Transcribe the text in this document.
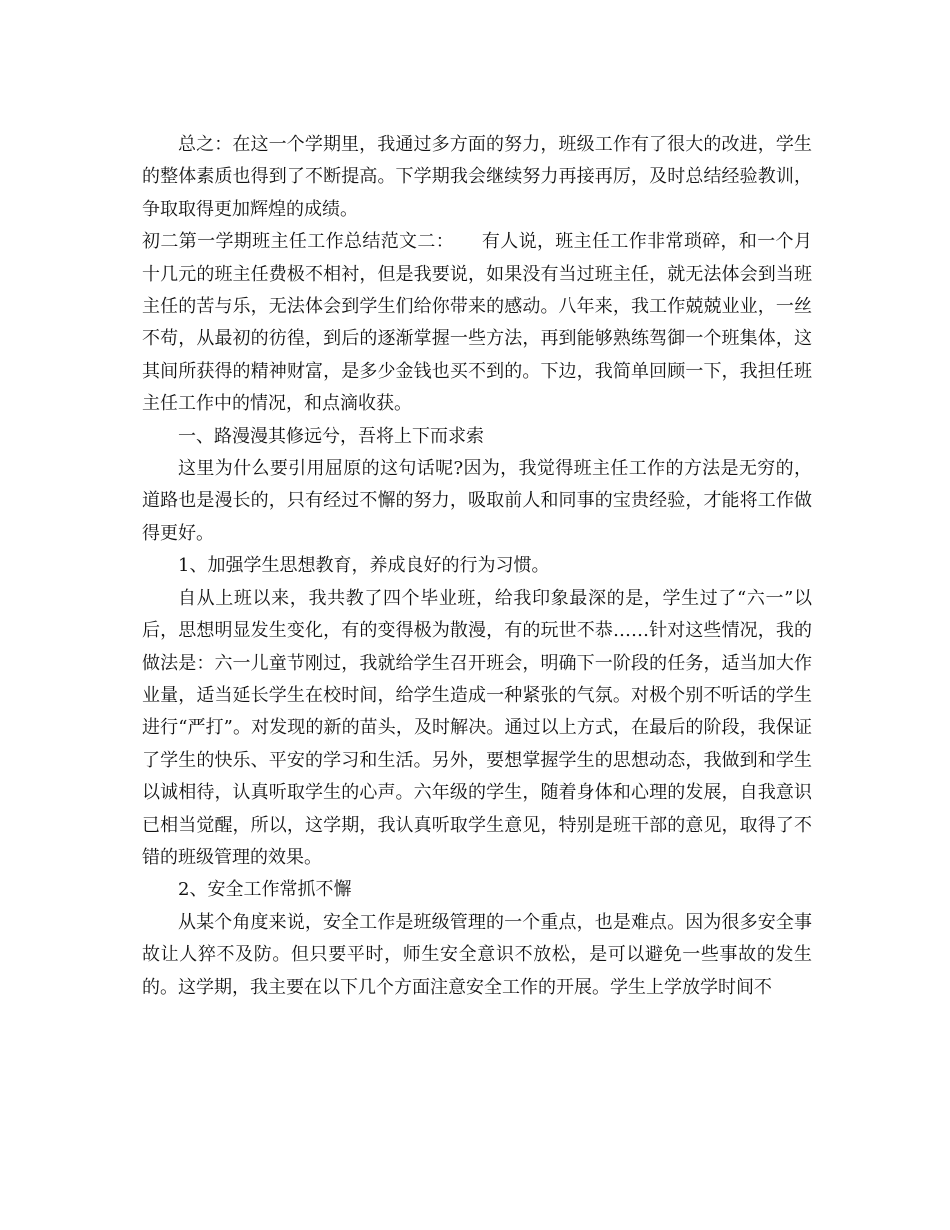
总之：在这一个学期里，我通过多方面的努力，班级工作有了很大的改进，学生的整体素质也得到了不断提高。下学期我会继续努力再接再厉，及时总结经验教训，争取取得更加辉煌的成绩。

初二第一学期班主任工作总结范文二：　　有人说，班主任工作非常琐碎，和一个月十几元的班主任费极不相衬，但是我要说，如果没有当过班主任，就无法体会到当班主任的苦与乐，无法体会到学生们给你带来的感动。八年来，我工作兢兢业业，一丝不苟，从最初的彷徨，到后的逐渐掌握一些方法，再到能够熟练驾御一个班集体，这其间所获得的精神财富，是多少金钱也买不到的。下边，我简单回顾一下，我担任班主任工作中的情况，和点滴收获。

一、路漫漫其修远兮，吾将上下而求索

这里为什么要引用屈原的这句话呢?因为，我觉得班主任工作的方法是无穷的，道路也是漫长的，只有经过不懈的努力，吸取前人和同事的宝贵经验，才能将工作做得更好。

1、加强学生思想教育，养成良好的行为习惯。

自从上班以来，我共教了四个毕业班，给我印象最深的是，学生过了“六一”以后，思想明显发生变化，有的变得极为散漫，有的玩世不恭……针对这些情况，我的做法是：六一儿童节刚过，我就给学生召开班会，明确下一阶段的任务，适当加大作业量，适当延长学生在校时间，给学生造成一种紧张的气氛。对极个别不听话的学生进行“严打”。对发现的新的苗头，及时解决。通过以上方式，在最后的阶段，我保证了学生的快乐、平安的学习和生活。另外，要想掌握学生的思想动态，我做到和学生以诚相待，认真听取学生的心声。六年级的学生，随着身体和心理的发展，自我意识已相当觉醒，所以，这学期，我认真听取学生意见，特别是班干部的意见，取得了不错的班级管理的效果。

2、安全工作常抓不懈

从某个角度来说，安全工作是班级管理的一个重点，也是难点。因为很多安全事故让人猝不及防。但只要平时，师生安全意识不放松，是可以避免一些事故的发生的。这学期，我主要在以下几个方面注意安全工作的开展。学生上学放学时间不
